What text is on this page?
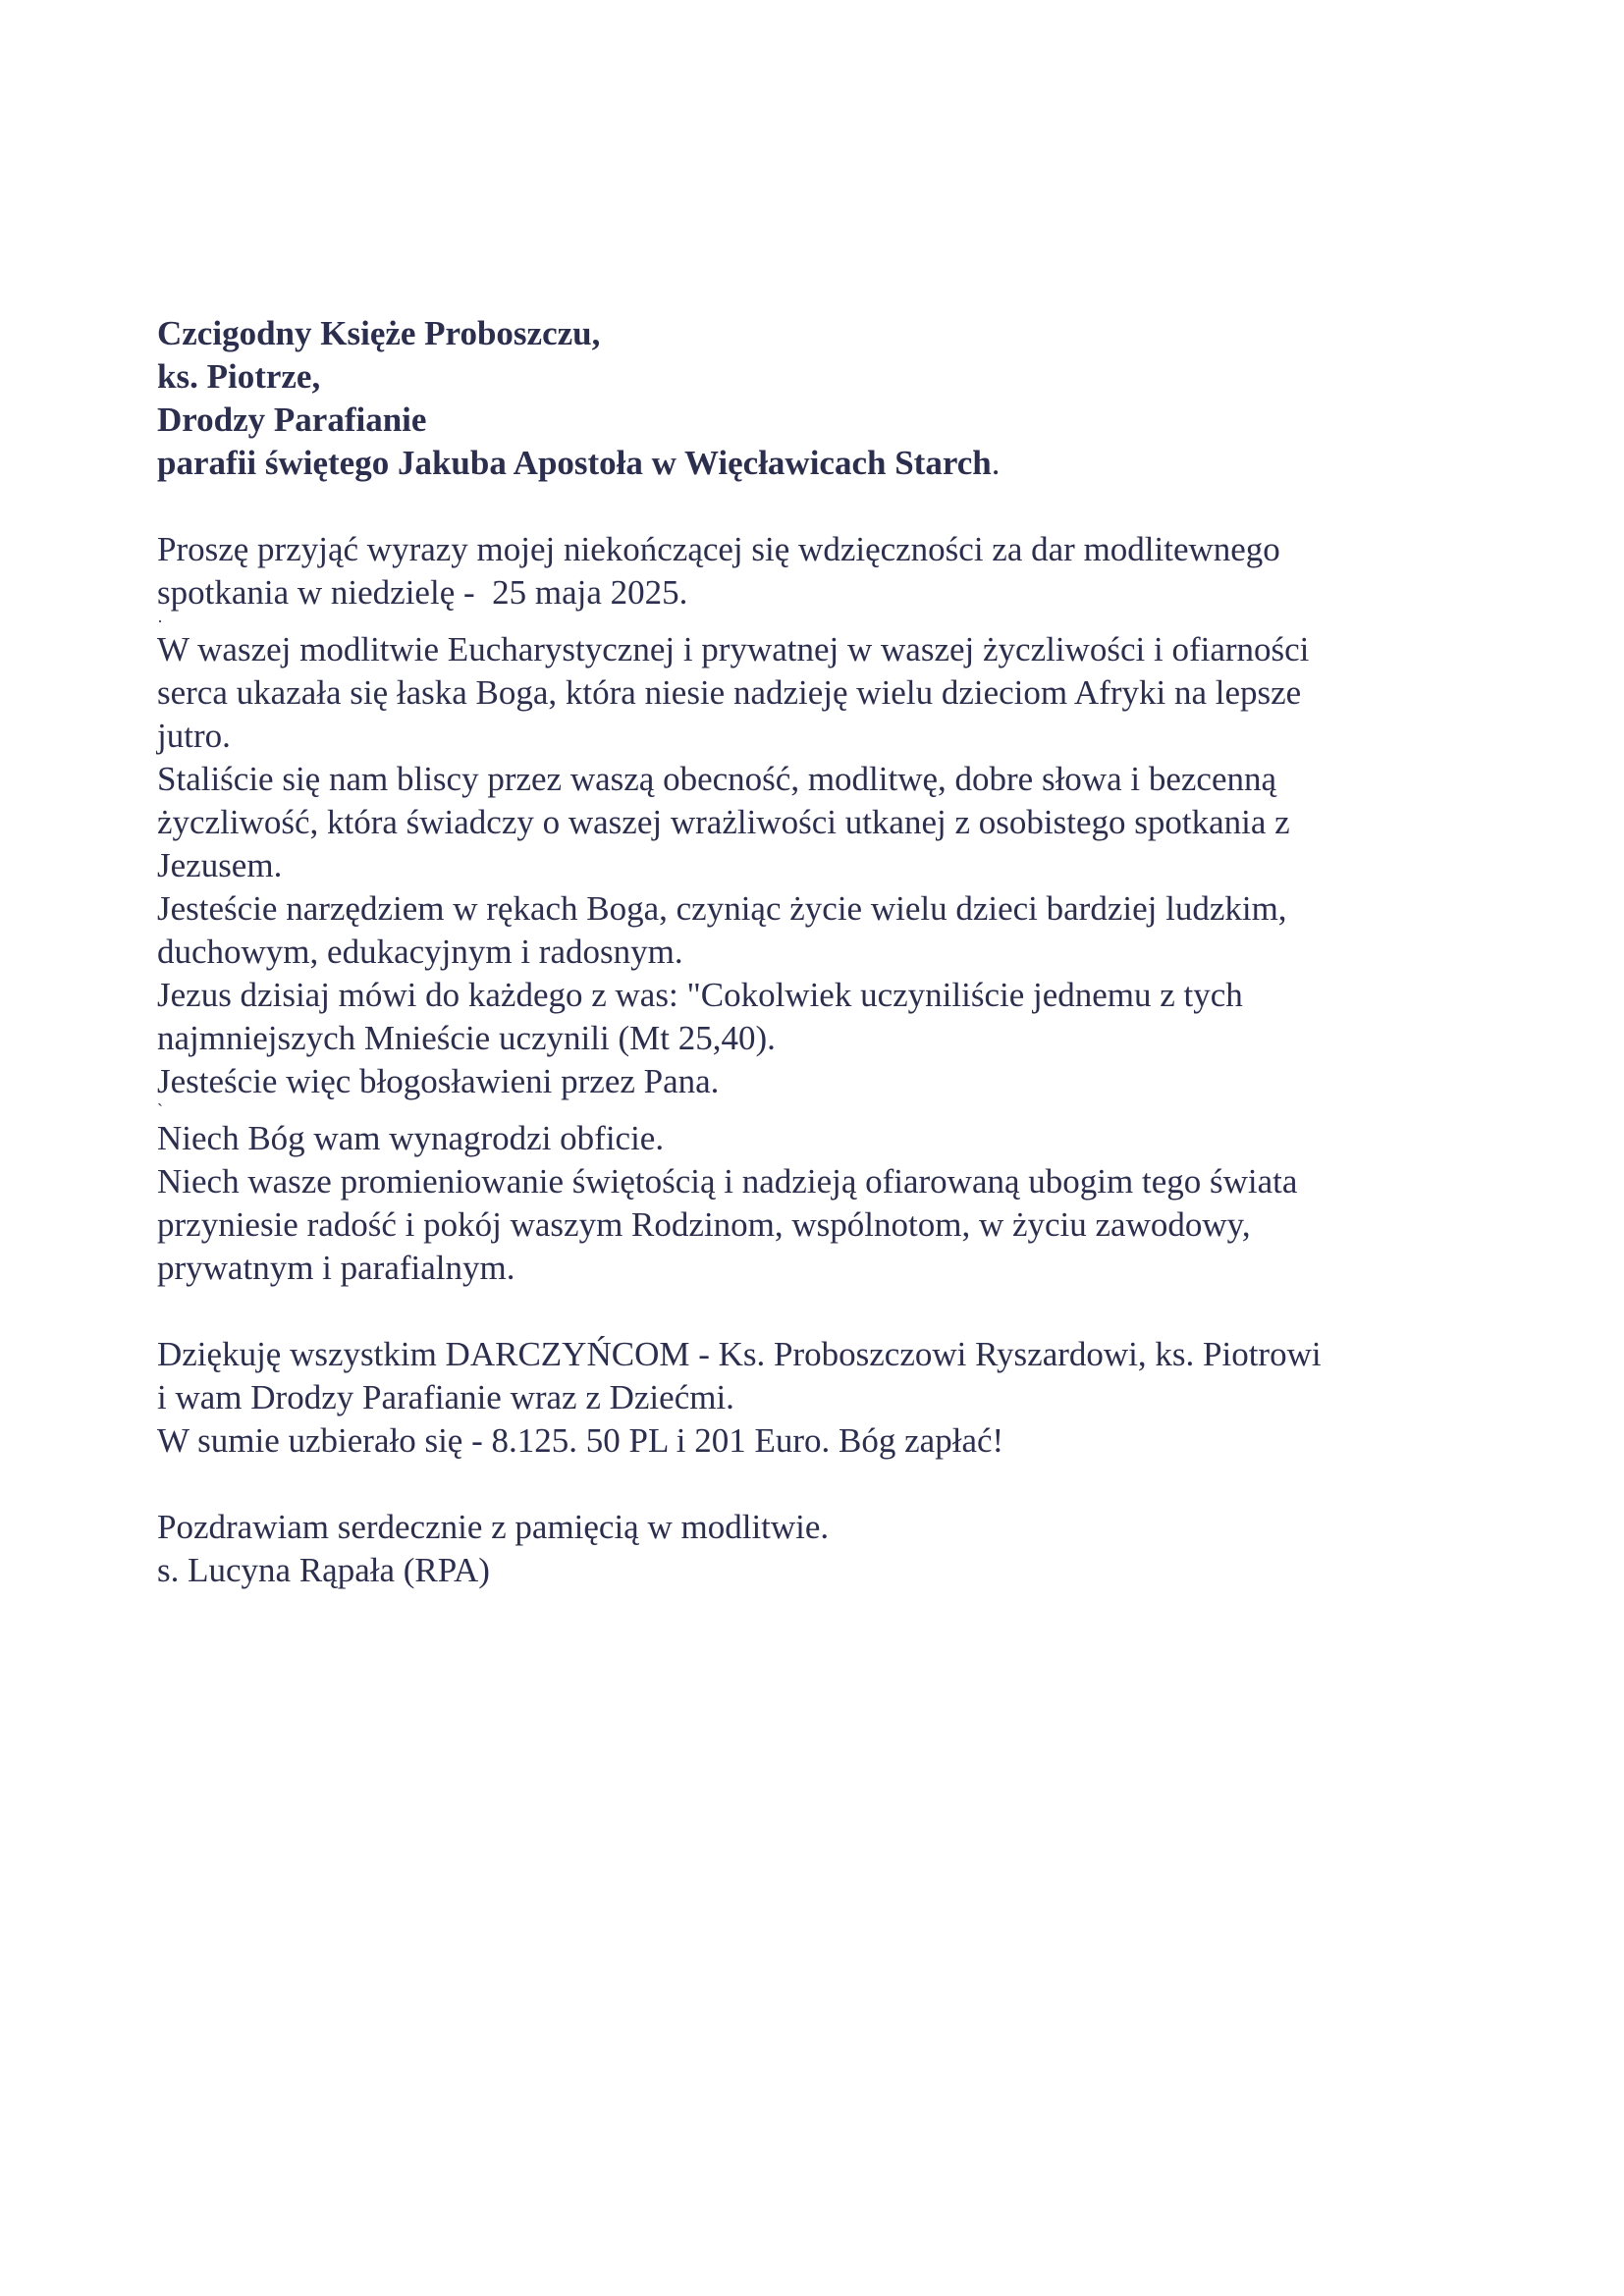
Czcigodny Księże Proboszczu,

ks. Piotrze,

Drodzy Parafianie

parafii świętego Jakuba Apostoła w Więcławicach Starch.

Proszę przyjąć wyrazy mojej niekończącej się wdzięczności za dar modlitewnego

spotkania w niedzielę -  25 maja 2025.

·

W waszej modlitwie Eucharystycznej i prywatnej w waszej życzliwości i ofiarności

serca ukazała się łaska Boga, która niesie nadzieję wielu dzieciom Afryki na lepsze

jutro.

Staliście się nam bliscy przez waszą obecność, modlitwę, dobre słowa i bezcenną

życzliwość, która świadczy o waszej wrażliwości utkanej z osobistego spotkania z

Jezusem.

Jesteście narzędziem w rękach Boga, czyniąc życie wielu dzieci bardziej ludzkim,

duchowym, edukacyjnym i radosnym.

Jezus dzisiaj mówi do każdego z was: "Cokolwiek uczyniliście jednemu z tych

najmniejszych Mnieście uczynili (Mt 25,40).

Jesteście więc błogosławieni przez Pana.

`

Niech Bóg wam wynagrodzi obficie.

Niech wasze promieniowanie świętością i nadzieją ofiarowaną ubogim tego świata

przyniesie radość i pokój waszym Rodzinom, wspólnotom, w życiu zawodowy,

prywatnym i parafialnym.

Dziękuję wszystkim DARCZYŃCOM - Ks. Proboszczowi Ryszardowi, ks. Piotrowi

i wam Drodzy Parafianie wraz z Dziećmi.

W sumie uzbierało się - 8.125. 50 PL i 201 Euro. Bóg zapłać!

Pozdrawiam serdecznie z pamięcią w modlitwie.

s. Lucyna Rąpała (RPA)
